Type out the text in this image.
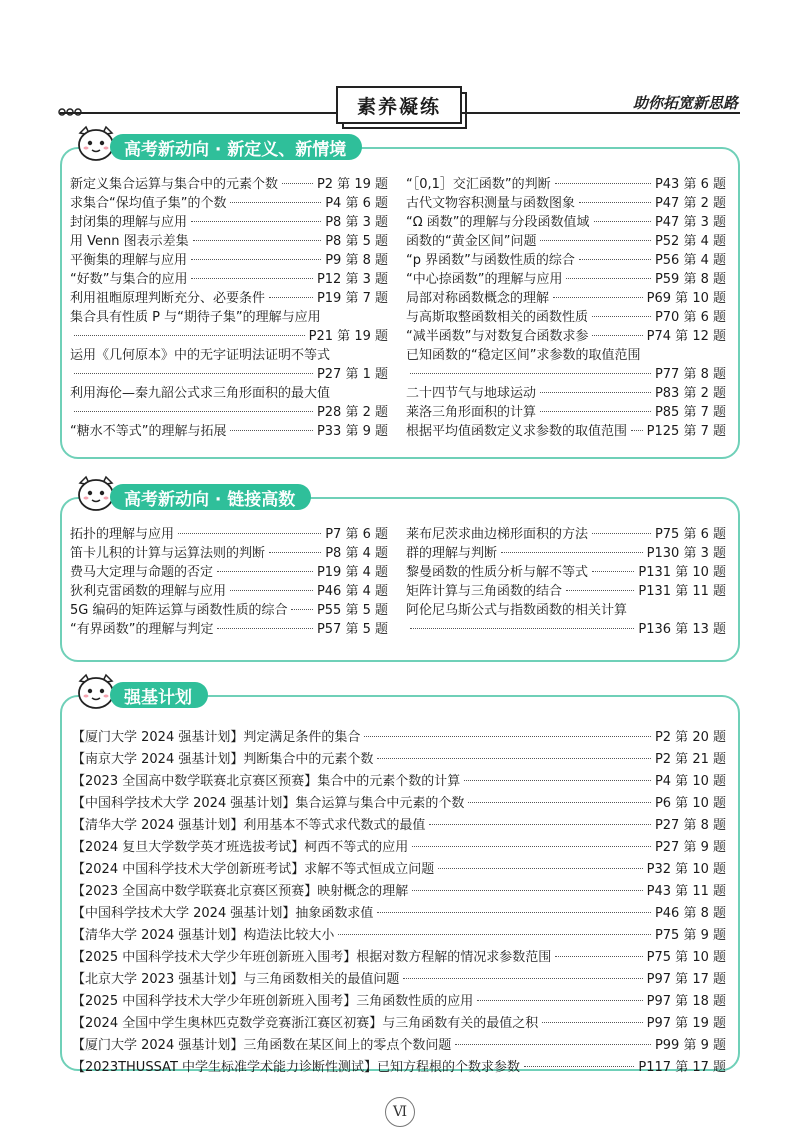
素养凝练	助你拓宽新思路
高考新动向 · 新定义、新情境
新定义集合运算与集合中的元素个数	P2 第 19 题
求集合“保均值子集”的个数	P4 第 6 题
封闭集的理解与应用	P8 第 3 题
用 Venn 图表示差集	P8 第 5 题
平衡集的理解与应用	P9 第 8 题
“好数”与集合的应用	P12 第 3 题
利用祖暅原理判断充分、必要条件	P19 第 7 题
集合具有性质 P 与“期待子集”的理解与应用
P21 第 19 题
运用《几何原本》中的无字证明法证明不等式
P27 第 1 题
利用海伦—秦九韶公式求三角形面积的最大值
P28 第 2 题
“糖水不等式”的理解与拓展	P33 第 9 题
“［0,1］交汇函数”的判断	P43 第 6 题
古代文物容积测量与函数图象	P47 第 2 题
“Ω 函数”的理解与分段函数值域	P47 第 3 题
函数的“黄金区间”问题	P52 第 4 题
“p 界函数”与函数性质的综合	P56 第 4 题
“中心捺函数”的理解与应用	P59 第 8 题
局部对称函数概念的理解	P69 第 10 题
与高斯取整函数相关的函数性质	P70 第 6 题
“减半函数”与对数复合函数求参	P74 第 12 题
已知函数的“稳定区间”求参数的取值范围
P77 第 8 题
二十四节气与地球运动	P83 第 2 题
莱洛三角形面积的计算	P85 第 7 题
根据平均值函数定义求参数的取值范围 P125 第 7 题
高考新动向 · 链接高数
拓扑的理解与应用	P7 第 6 题
笛卡儿积的计算与运算法则的判断	P8 第 4 题
费马大定理与命题的否定	P19 第 4 题
狄利克雷函数的理解与应用	P46 第 4 题
5G 编码的矩阵运算与函数性质的综合 P55 第 5 题
“有界函数”的理解与判定	P57 第 5 题
莱布尼茨求曲边梯形面积的方法	P75 第 6 题
群的理解与判断	P130 第 3 题
黎曼函数的性质分析与解不等式	P131 第 10 题
矩阵计算与三角函数的结合	P131 第 11 题
阿伦尼乌斯公式与指数函数的相关计算
P136 第 13 题
强基计划
【厦门大学 2024 强基计划】判定满足条件的集合	P2 第 20 题
【南京大学 2024 强基计划】判断集合中的元素个数	P2 第 21 题
【2023 全国高中数学联赛北京赛区预赛】集合中的元素个数的计算	P4 第 10 题
【中国科学技术大学 2024 强基计划】集合运算与集合中元素的个数	P6 第 10 题
【清华大学 2024 强基计划】利用基本不等式求代数式的最值	P27 第 8 题
【2024 复旦大学数学英才班选拔考试】柯西不等式的应用	P27 第 9 题
【2024 中国科学技术大学创新班考试】求解不等式恒成立问题	P32 第 10 题
【2023 全国高中数学联赛北京赛区预赛】映射概念的理解	P43 第 11 题
【中国科学技术大学 2024 强基计划】抽象函数求值	P46 第 8 题
【清华大学 2024 强基计划】构造法比较大小	P75 第 9 题
【2025 中国科学技术大学少年班创新班入围考】根据对数方程解的情况求参数范围	P75 第 10 题
【北京大学 2023 强基计划】与三角函数相关的最值问题	P97 第 17 题
【2025 中国科学技术大学少年班创新班入围考】三角函数性质的应用	P97 第 18 题
【2024 全国中学生奥林匹克数学竞赛浙江赛区初赛】与三角函数有关的最值之积	P97 第 19 题
【厦门大学 2024 强基计划】三角函数在某区间上的零点个数问题	P99 第 9 题
【2023THUSSAT 中学生标准学术能力诊断性测试】已知方程根的个数求参数	P117 第 17 题
Ⅵ
